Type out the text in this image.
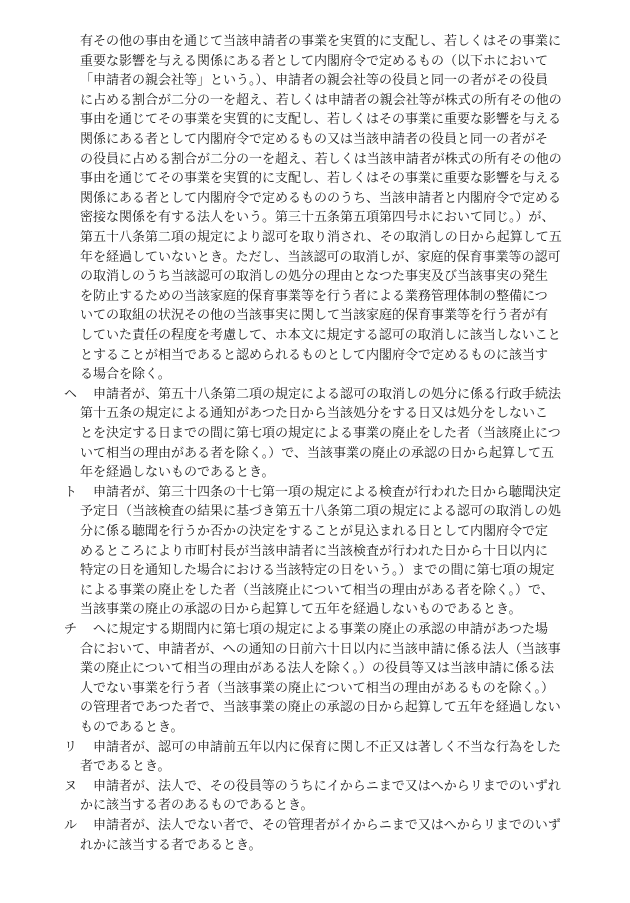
有その他の事由を通じて当該申請者の事業を実質的に支配し、若しくはその事業に
重要な影響を与える関係にある者として内閣府令で定めるもの（以下ホにおいて
「申請者の親会社等」という。）、申請者の親会社等の役員と同一の者がその役員
に占める割合が二分の一を超え、若しくは申請者の親会社等が株式の所有その他の
事由を通じてその事業を実質的に支配し、若しくはその事業に重要な影響を与える
関係にある者として内閣府令で定めるもの又は当該申請者の役員と同一の者がそ
の役員に占める割合が二分の一を超え、若しくは当該申請者が株式の所有その他の
事由を通じてその事業を実質的に支配し、若しくはその事業に重要な影響を与える
関係にある者として内閣府令で定めるもののうち、当該申請者と内閣府令で定める
密接な関係を有する法人をいう。第三十五条第五項第四号ホにおいて同じ。）が、
第五十八条第二項の規定により認可を取り消され、その取消しの日から起算して五
年を経過していないとき。ただし、当該認可の取消しが、家庭的保育事業等の認可
の取消しのうち当該認可の取消しの処分の理由となつた事実及び当該事実の発生
を防止するための当該家庭的保育事業等を行う者による業務管理体制の整備につ
いての取組の状況その他の当該事実に関して当該家庭的保育事業等を行う者が有
していた責任の程度を考慮して、ホ本文に規定する認可の取消しに該当しないこと
とすることが相当であると認められるものとして内閣府令で定めるものに該当す
る場合を除く。
ヘ 申請者が、第五十八条第二項の規定による認可の取消しの処分に係る行政手続法
第十五条の規定による通知があつた日から当該処分をする日又は処分をしないこ
とを決定する日までの間に第七項の規定による事業の廃止をした者（当該廃止につ
いて相当の理由がある者を除く。）で、当該事業の廃止の承認の日から起算して五
年を経過しないものであるとき。
ト 申請者が、第三十四条の十七第一項の規定による検査が行われた日から聴聞決定
予定日（当該検査の結果に基づき第五十八条第二項の規定による認可の取消しの処
分に係る聴聞を行うか否かの決定をすることが見込まれる日として内閣府令で定
めるところにより市町村長が当該申請者に当該検査が行われた日から十日以内に
特定の日を通知した場合における当該特定の日をいう。）までの間に第七項の規定
による事業の廃止をした者（当該廃止について相当の理由がある者を除く。）で、
当該事業の廃止の承認の日から起算して五年を経過しないものであるとき。
チ へに規定する期間内に第七項の規定による事業の廃止の承認の申請があつた場
合において、申請者が、への通知の日前六十日以内に当該申請に係る法人（当該事
業の廃止について相当の理由がある法人を除く。）の役員等又は当該申請に係る法
人でない事業を行う者（当該事業の廃止について相当の理由があるものを除く。）
の管理者であつた者で、当該事業の廃止の承認の日から起算して五年を経過しない
ものであるとき。
リ 申請者が、認可の申請前五年以内に保育に関し不正又は著しく不当な行為をした
者であるとき。
ヌ 申請者が、法人で、その役員等のうちにイからニまで又はへからリまでのいずれ
かに該当する者のあるものであるとき。
ル 申請者が、法人でない者で、その管理者がイからニまで又はへからリまでのいず
れかに該当する者であるとき。
